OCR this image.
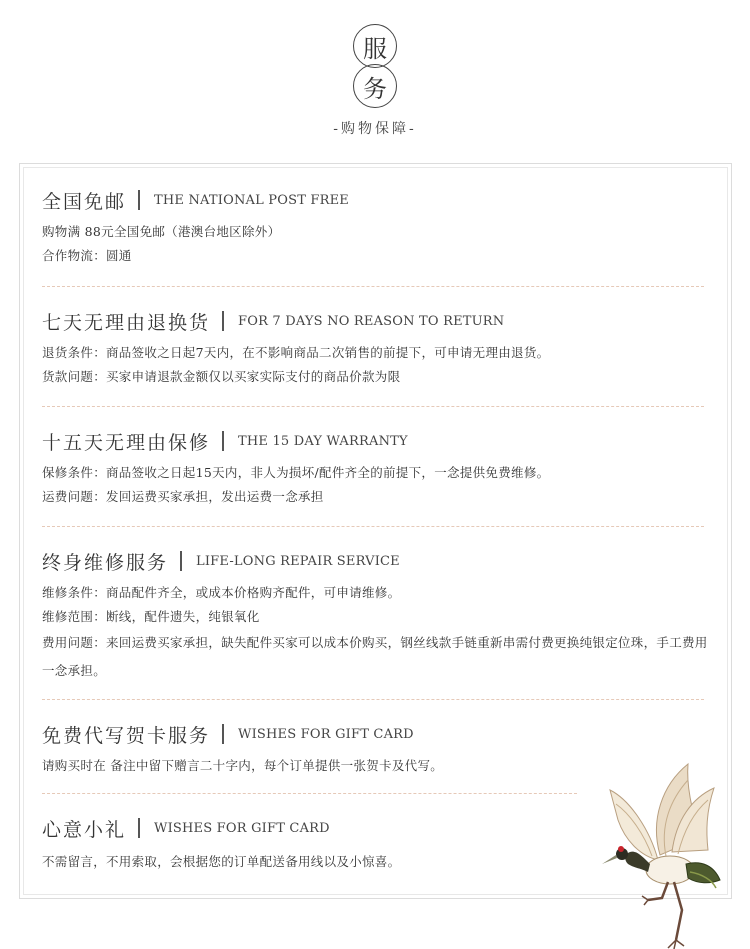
服
务
-购物保障-
全国免邮 THE NATIONAL POST FREE
购物满 88元全国免邮（港澳台地区除外）
合作物流：圆通
七天无理由退换货 FOR 7 DAYS NO REASON TO RETURN
退货条件：商品签收之日起7天内，在不影响商品二次销售的前提下，可申请无理由退货。
货款问题：买家申请退款金额仅以买家实际支付的商品价款为限
十五天无理由保修 THE 15 DAY WARRANTY
保修条件：商品签收之日起15天内，非人为损坏/配件齐全的前提下，一念提供免费维修。
运费问题：发回运费买家承担，发出运费一念承担
终身维修服务 LIFE-LONG REPAIR SERVICE
维修条件：商品配件齐全，或成本价格购齐配件，可申请维修。
维修范围：断线，配件遗失，纯银氧化
费用问题：来回运费买家承担，缺失配件买家可以成本价购买，钢丝线款手链重新串需付费更换纯银定位珠，手工费用一念承担。
免费代写贺卡服务 WISHES FOR GIFT CARD
请购买时在 备注中留下赠言二十字内，每个订单提供一张贺卡及代写。
心意小礼 WISHES FOR GIFT CARD
不需留言，不用索取，会根据您的订单配送备用线以及小惊喜。
